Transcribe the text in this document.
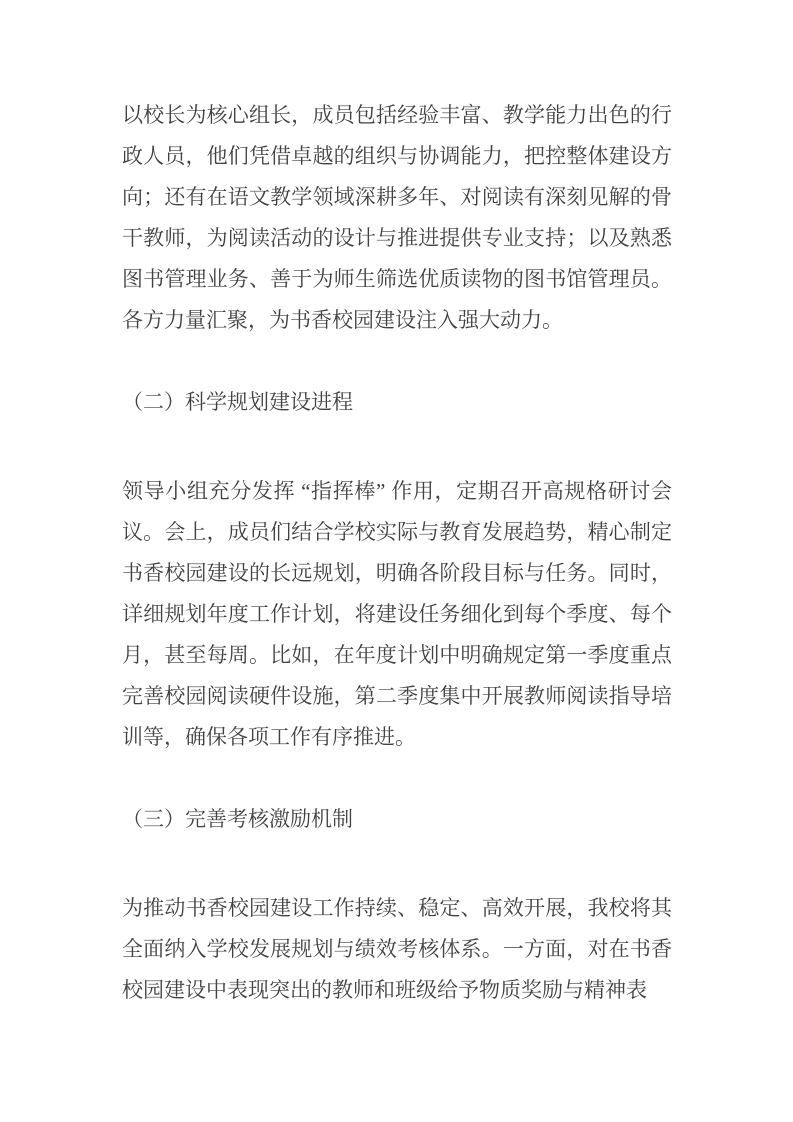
以校长为核心组长，成员包括经验丰富、教学能力出色的行政人员，他们凭借卓越的组织与协调能力，把控整体建设方向；还有在语文教学领域深耕多年、对阅读有深刻见解的骨干教师，为阅读活动的设计与推进提供专业支持；以及熟悉图书管理业务、善于为师生筛选优质读物的图书馆管理员。各方力量汇聚，为书香校园建设注入强大动力。
（二）科学规划建设进程
领导小组充分发挥 “指挥棒” 作用，定期召开高规格研讨会议。会上，成员们结合学校实际与教育发展趋势，精心制定书香校园建设的长远规划，明确各阶段目标与任务。同时，详细规划年度工作计划，将建设任务细化到每个季度、每个月，甚至每周。比如，在年度计划中明确规定第一季度重点完善校园阅读硬件设施，第二季度集中开展教师阅读指导培训等，确保各项工作有序推进。
（三）完善考核激励机制
为推动书香校园建设工作持续、稳定、高效开展，我校将其全面纳入学校发展规划与绩效考核体系。一方面，对在书香校园建设中表现突出的教师和班级给予物质奖励与精神表
